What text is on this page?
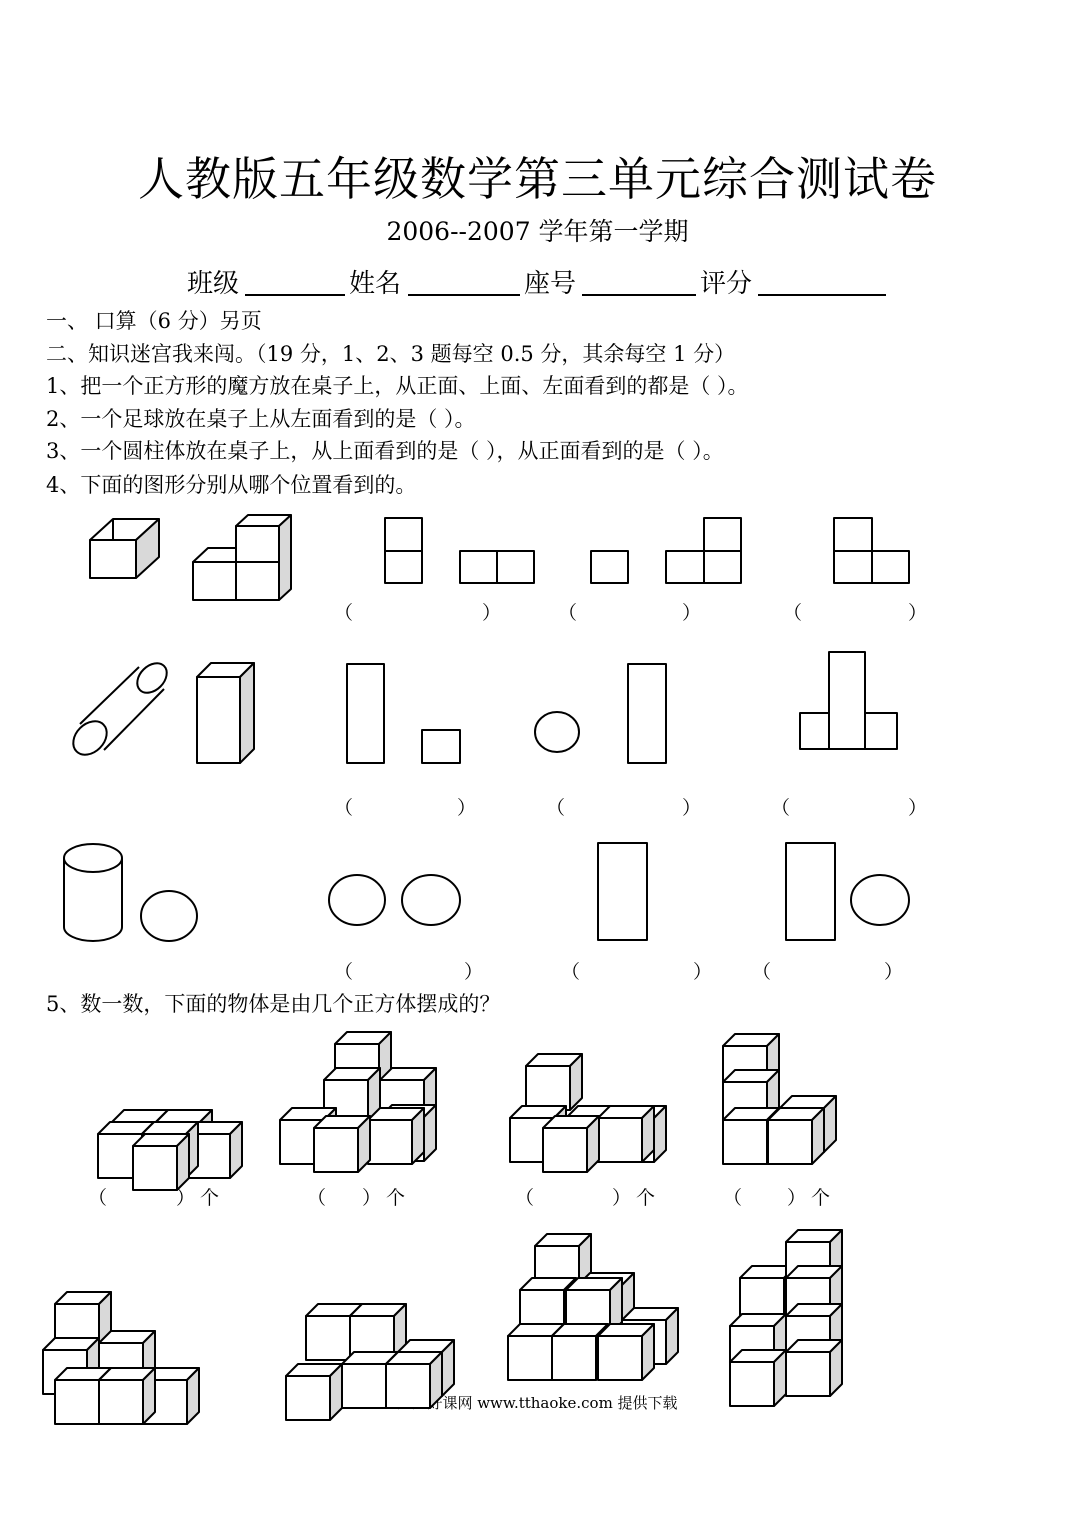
人教版五年级数学第三单元综合测试卷
2006--2007 学年第一学期
班级	姓名	座号	评分
一、 口算（6 分）另页
二、知识迷宫我来闯。（19 分，1、2、3 题每空 0.5 分，其余每空 1 分）
1、把一个正方形的魔方放在桌子上，从正面、上面、左面看到的都是（ ）。
2、一个足球放在桌子上从左面看到的是（ ）。
3、一个圆柱体放在桌子上，从上面看到的是（ ），从正面看到的是（ ）。
4、下面的图形分别从哪个位置看到的。
5、数一数，下面的物体是由几个正方体摆成的？
（	）	（	）	（	）
（	）	（	）	（	）
（	）	（	） （	）
（	） 个	（ ） 个	（	） 个	（ ） 个
趣趣好课网 www.tthaoke.com 提供下载
